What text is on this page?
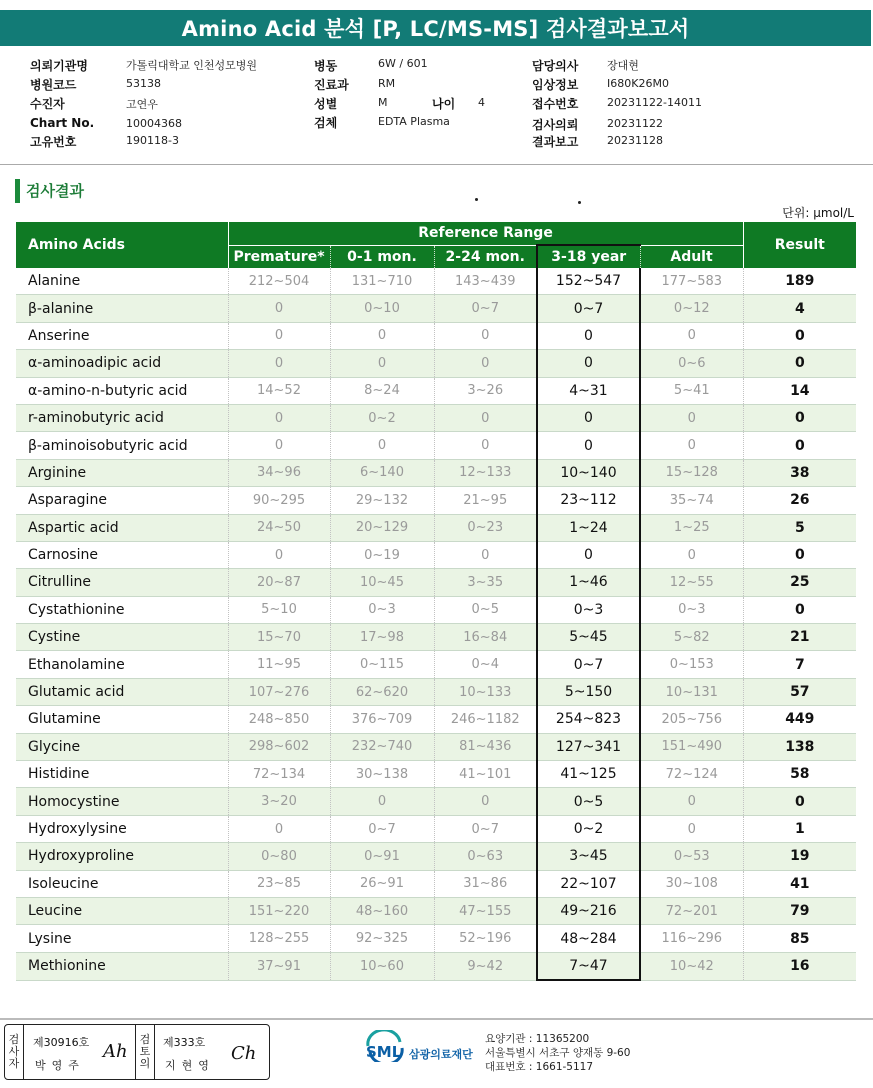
Amino Acid 분석 [P, LC/MS-MS] 검사결과보고서
의뢰기관명	가톨릭대학교 인천성모병원
병원코드	53138
수진자	고연우
Chart No.	10004368
고유번호	190118-3
병동	6W / 601
진료과	RM
성별	M	나이 4
검체	EDTA Plasma
담당의사	장대현
임상정보	I680K26M0
접수번호	20231122-14011
검사의뢰	20231122
결과보고	20231128
검사결과
단위: μmol/L
Amino Acids	Reference Range					Result
	Premature*	0-1 mon.	2-24 mon.	3-18 year	Adult	
Alanine	212~504	131~710	143~439	152~547	177~583	189
β-alanine	0	0~10	0~7	0~7	0~12	4
Anserine	0	0	0	0	0	0
α-aminoadipic acid	0	0	0	0	0~6	0
α-amino-n-butyric acid	14~52	8~24	3~26	4~31	5~41	14
r-aminobutyric acid	0	0~2	0	0	0	0
β-aminoisobutyric acid	0	0	0	0	0	0
Arginine	34~96	6~140	12~133	10~140	15~128	38
Asparagine	90~295	29~132	21~95	23~112	35~74	26
Aspartic acid	24~50	20~129	0~23	1~24	1~25	5
Carnosine	0	0~19	0	0	0	0
Citrulline	20~87	10~45	3~35	1~46	12~55	25
Cystathionine	5~10	0~3	0~5	0~3	0~3	0
Cystine	15~70	17~98	16~84	5~45	5~82	21
Ethanolamine	11~95	0~115	0~4	0~7	0~153	7
Glutamic acid	107~276	62~620	10~133	5~150	10~131	57
Glutamine	248~850	376~709	246~1182	254~823	205~756	449
Glycine	298~602	232~740	81~436	127~341	151~490	138
Histidine	72~134	30~138	41~101	41~125	72~124	58
Homocystine	3~20	0	0	0~5	0	0
Hydroxylysine	0	0~7	0~7	0~2	0	1
Hydroxyproline	0~80	0~91	0~63	3~45	0~53	19
Isoleucine	23~85	26~91	31~86	22~107	30~108	41
Leucine	151~220	48~160	47~155	49~216	72~201	79
Lysine	128~255	92~325	52~196	48~284	116~296	85
Methionine	37~91	10~60	9~42	7~47	10~42	16
검
사
자
제30916호
박영주
Ah
검
토
의
제333호
지현영
Ch	SML 삼광의료재단
요양기관 : 11365200
서울특별시 서초구 양재동 9-60
대표번호 : 1661-5117
